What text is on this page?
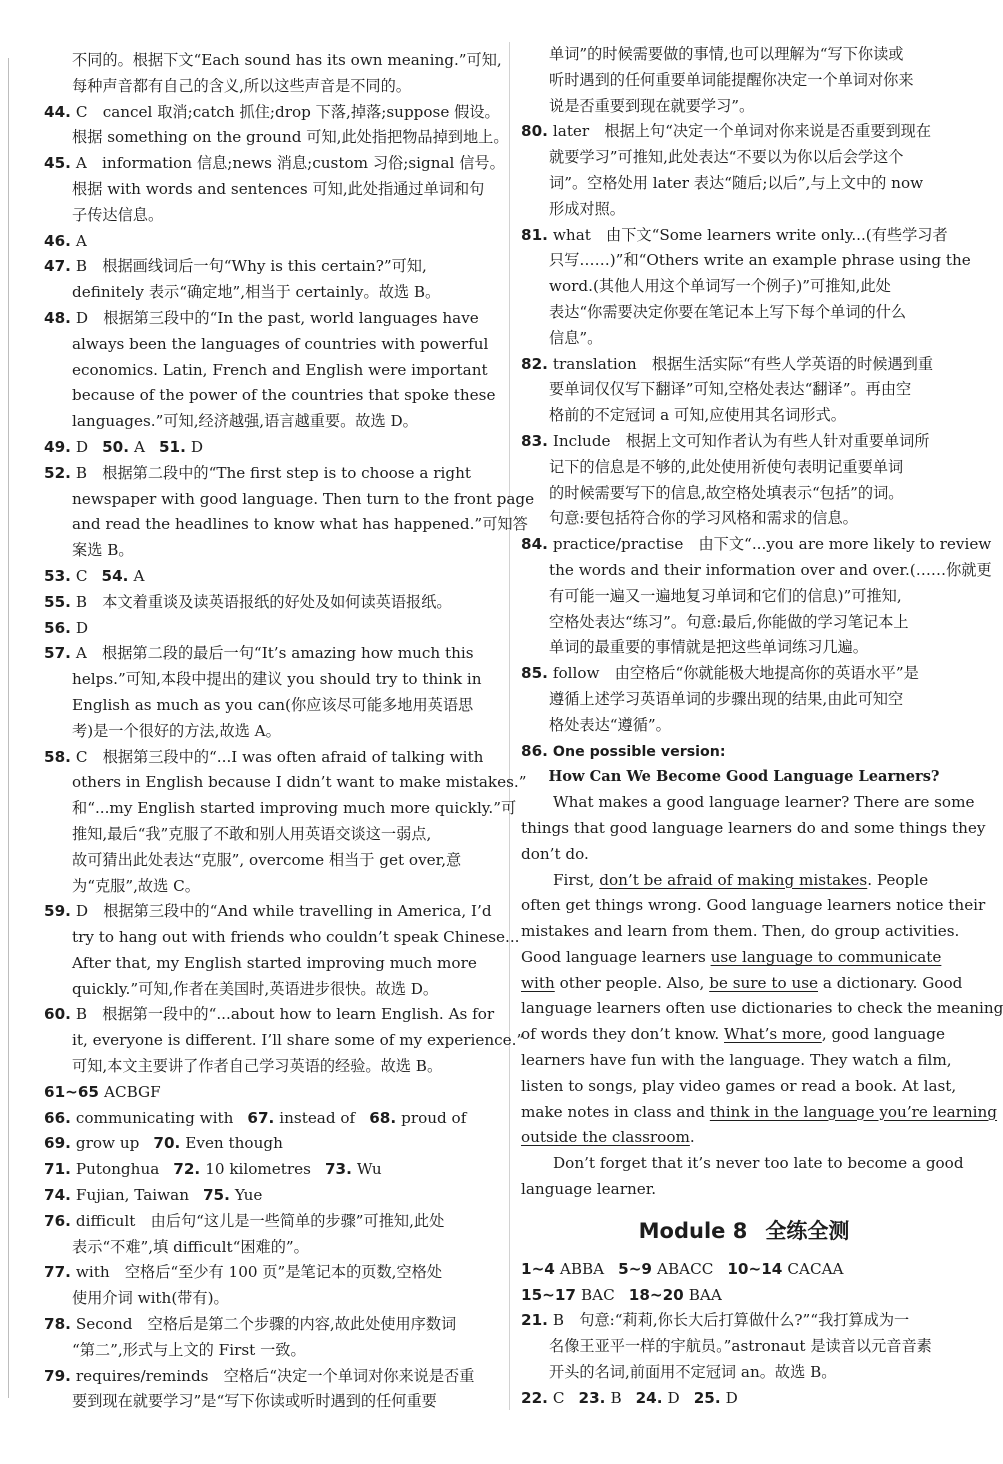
不同的。根据下文“Each sound has its own meaning.”可知,
每种声音都有自己的含义,所以这些声音是不同的。
44. C　cancel 取消;catch 抓住;drop 下落,掉落;suppose 假设。
根据 something on the ground 可知,此处指把物品掉到地上。
45. A　information 信息;news 消息;custom 习俗;signal 信号。
根据 with words and sentences 可知,此处指通过单词和句
子传达信息。
46. A
47. B　根据画线词后一句“Why is this certain?”可知,
definitely 表示“确定地”,相当于 certainly。故选 B。
48. D　根据第三段中的“In the past, world languages have
always been the languages of countries with powerful
economics. Latin, French and English were important
because of the power of the countries that spoke these
languages.”可知,经济越强,语言越重要。故选 D。
49. D 50. A 51. D
52. B　根据第二段中的“The first step is to choose a right
newspaper with good language. Then turn to the front page
and read the headlines to know what has happened.”可知答
案选 B。
53. C 54. A
55. B　本文着重谈及读英语报纸的好处及如何读英语报纸。
56. D
57. A　根据第二段的最后一句“It’s amazing how much this
helps.”可知,本段中提出的建议 you should try to think in
English as much as you can(你应该尽可能多地用英语思
考)是一个很好的方法,故选 A。
58. C　根据第三段中的“...I was often afraid of talking with
others in English because I didn’t want to make mistakes.”
和“...my English started improving much more quickly.”可
推知,最后“我”克服了不敢和别人用英语交谈这一弱点,
故可猜出此处表达“克服”, overcome 相当于 get over,意
为“克服”,故选 C。
59. D　根据第三段中的“And while travelling in America, I’d
try to hang out with friends who couldn’t speak Chinese...
After that, my English started improving much more
quickly.”可知,作者在美国时,英语进步很快。故选 D。
60. B　根据第一段中的“...about how to learn English. As for
it, everyone is different. I’ll share some of my experience.”
可知,本文主要讲了作者自己学习英语的经验。故选 B。
61~65 ACBGF
66. communicating with 67. instead of 68. proud of
69. grow up 70. Even though
71. Putonghua 72. 10 kilometres 73. Wu
74. Fujian, Taiwan 75. Yue
76. difficult　由后句“这儿是一些简单的步骤”可推知,此处
表示“不难”,填 difficult“困难的”。
77. with　空格后“至少有 100 页”是笔记本的页数,空格处
使用介词 with(带有)。
78. Second　空格后是第二个步骤的内容,故此处使用序数词
“第二”,形式与上文的 First 一致。
79. requires/reminds　空格后“决定一个单词对你来说是否重
要到现在就要学习”是“写下你读或听时遇到的任何重要
单词”的时候需要做的事情,也可以理解为“写下你读或
听时遇到的任何重要单词能提醒你决定一个单词对你来
说是否重要到现在就要学习”。
80. later　根据上句“决定一个单词对你来说是否重要到现在
就要学习”可推知,此处表达“不要以为你以后会学这个
词”。空格处用 later 表达“随后;以后”,与上文中的 now
形成对照。
81. what　由下文“Some learners write only...(有些学习者
只写……)”和“Others write an example phrase using the
word.(其他人用这个单词写一个例子)”可推知,此处
表达“你需要决定你要在笔记本上写下每个单词的什么
信息”。
82. translation　根据生活实际“有些人学英语的时候遇到重
要单词仅仅写下翻译”可知,空格处表达“翻译”。再由空
格前的不定冠词 a 可知,应使用其名词形式。
83. Include　根据上文可知作者认为有些人针对重要单词所
记下的信息是不够的,此处使用祈使句表明记重要单词
的时候需要写下的信息,故空格处填表示“包括”的词。
句意:要包括符合你的学习风格和需求的信息。
84. practice/practise　由下文“...you are more likely to review
the words and their information over and over.(……你就更
有可能一遍又一遍地复习单词和它们的信息)”可推知,
空格处表达“练习”。句意:最后,你能做的学习笔记本上
单词的最重要的事情就是把这些单词练习几遍。
85. follow　由空格后“你就能极大地提高你的英语水平”是
遵循上述学习英语单词的步骤出现的结果,由此可知空
格处表达“遵循”。
86. One possible version:
How Can We Become Good Language Learners?
What makes a good language learner? There are some
things that good language learners do and some things they
don’t do.
First, don’t be afraid of making mistakes. People
often get things wrong. Good language learners notice their
mistakes and learn from them. Then, do group activities.
Good language learners use language to communicate
with other people. Also, be sure to use a dictionary. Good
language learners often use dictionaries to check the meaning
of words they don’t know. What’s more, good language
learners have fun with the language. They watch a film,
listen to songs, play video games or read a book. At last,
make notes in class and think in the language you’re learning
outside the classroom.
Don’t forget that it’s never too late to become a good
language learner.
Module 8 全练全测
1~4 ABBA 5~9 ABACC 10~14 CACAA
15~17 BAC 18~20 BAA
21. B　句意:“莉莉,你长大后打算做什么?”“我打算成为一
名像王亚平一样的宇航员。”astronaut 是读音以元音音素
开头的名词,前面用不定冠词 an。故选 B。
22. C 23. B 24. D 25. D
